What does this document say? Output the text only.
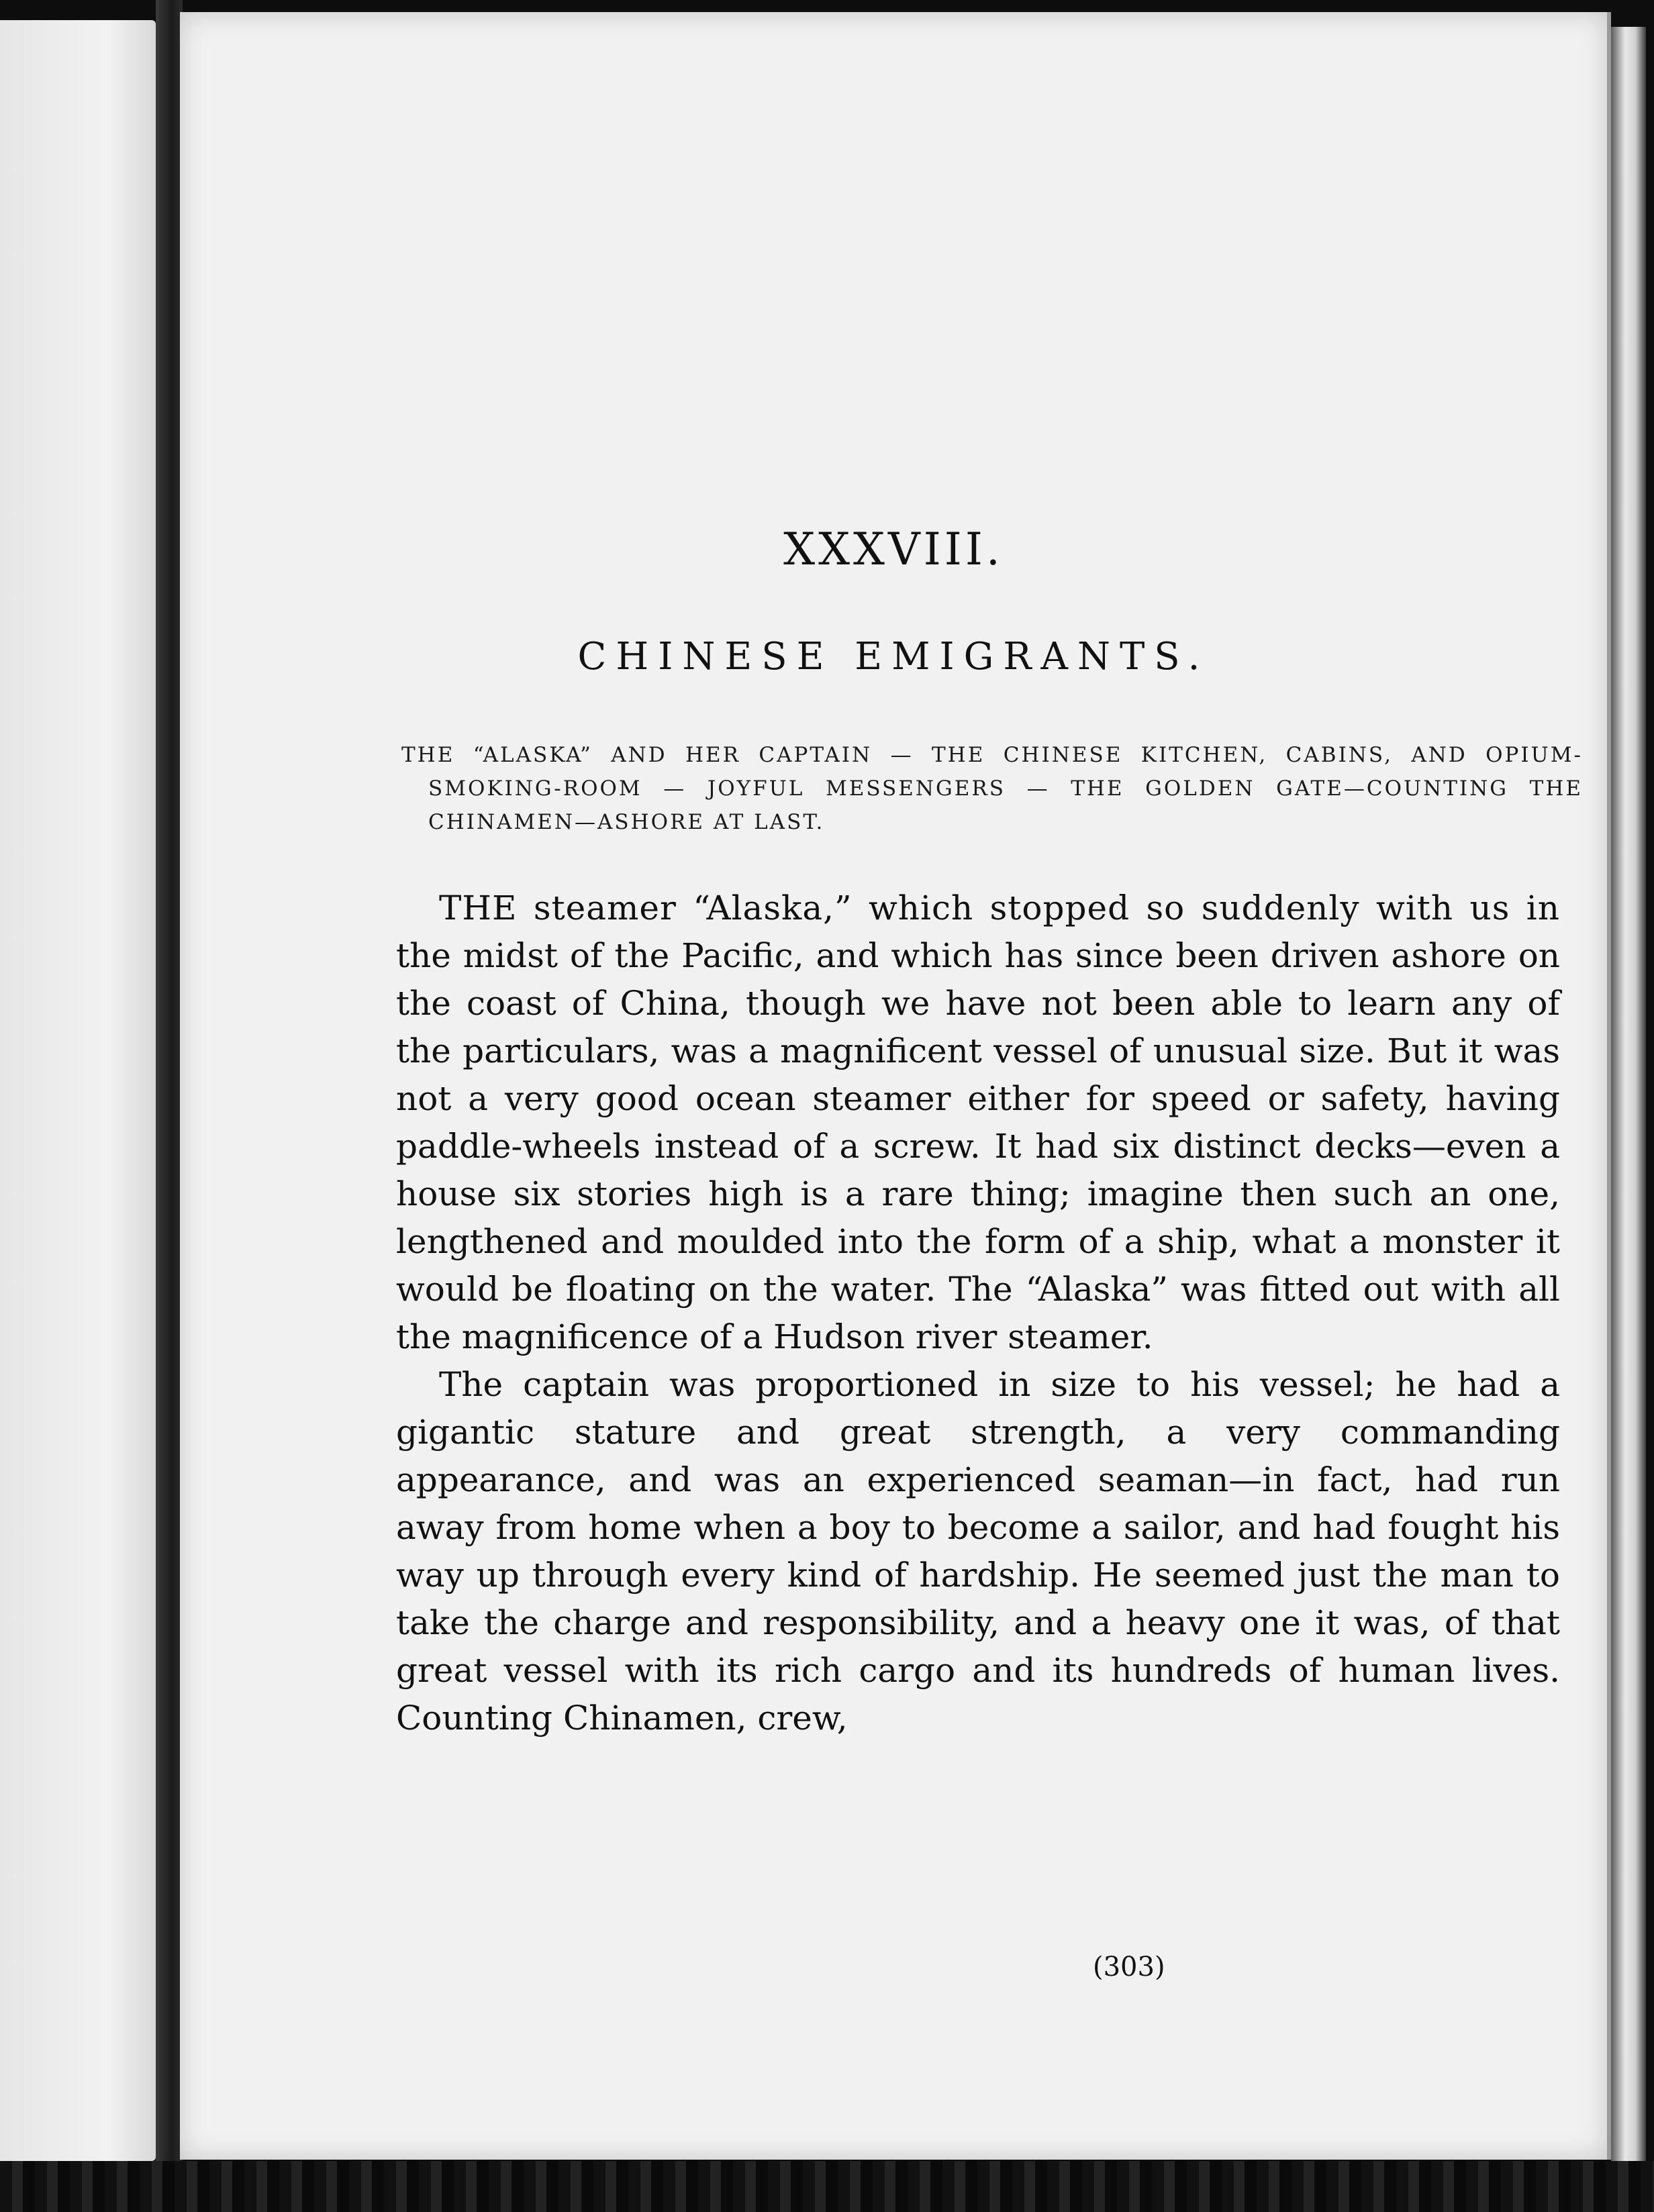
XXXVIII.
CHINESE EMIGRANTS.
THE “ALASKA” AND HER CAPTAIN — THE CHINESE KITCHEN, CABINS, AND OPIUM-SMOKING-ROOM — JOYFUL MESSENGERS — THE GOLDEN GATE—COUNTING THE CHINAMEN—ASHORE AT LAST.

THE steamer “Alaska,” which stopped so suddenly with us in the midst of the Pacific, and which has since been driven ashore on the coast of China, though we have not been able to learn any of the particulars, was a magnificent vessel of unusual size. But it was not a very good ocean steamer either for speed or safety, having paddle-wheels instead of a screw. It had six distinct decks—even a house six stories high is a rare thing; imagine then such an one, lengthened and moulded into the form of a ship, what a monster it would be floating on the water. The “Alaska” was fitted out with all the magnificence of a Hudson river steamer.

The captain was proportioned in size to his vessel; he had a gigantic stature and great strength, a very commanding appearance, and was an experienced seaman—in fact, had run away from home when a boy to become a sailor, and had fought his way up through every kind of hardship. He seemed just the man to take the charge and responsibility, and a heavy one it was, of that great vessel with its rich cargo and its hundreds of human lives. Counting Chinamen, crew,

(303)
